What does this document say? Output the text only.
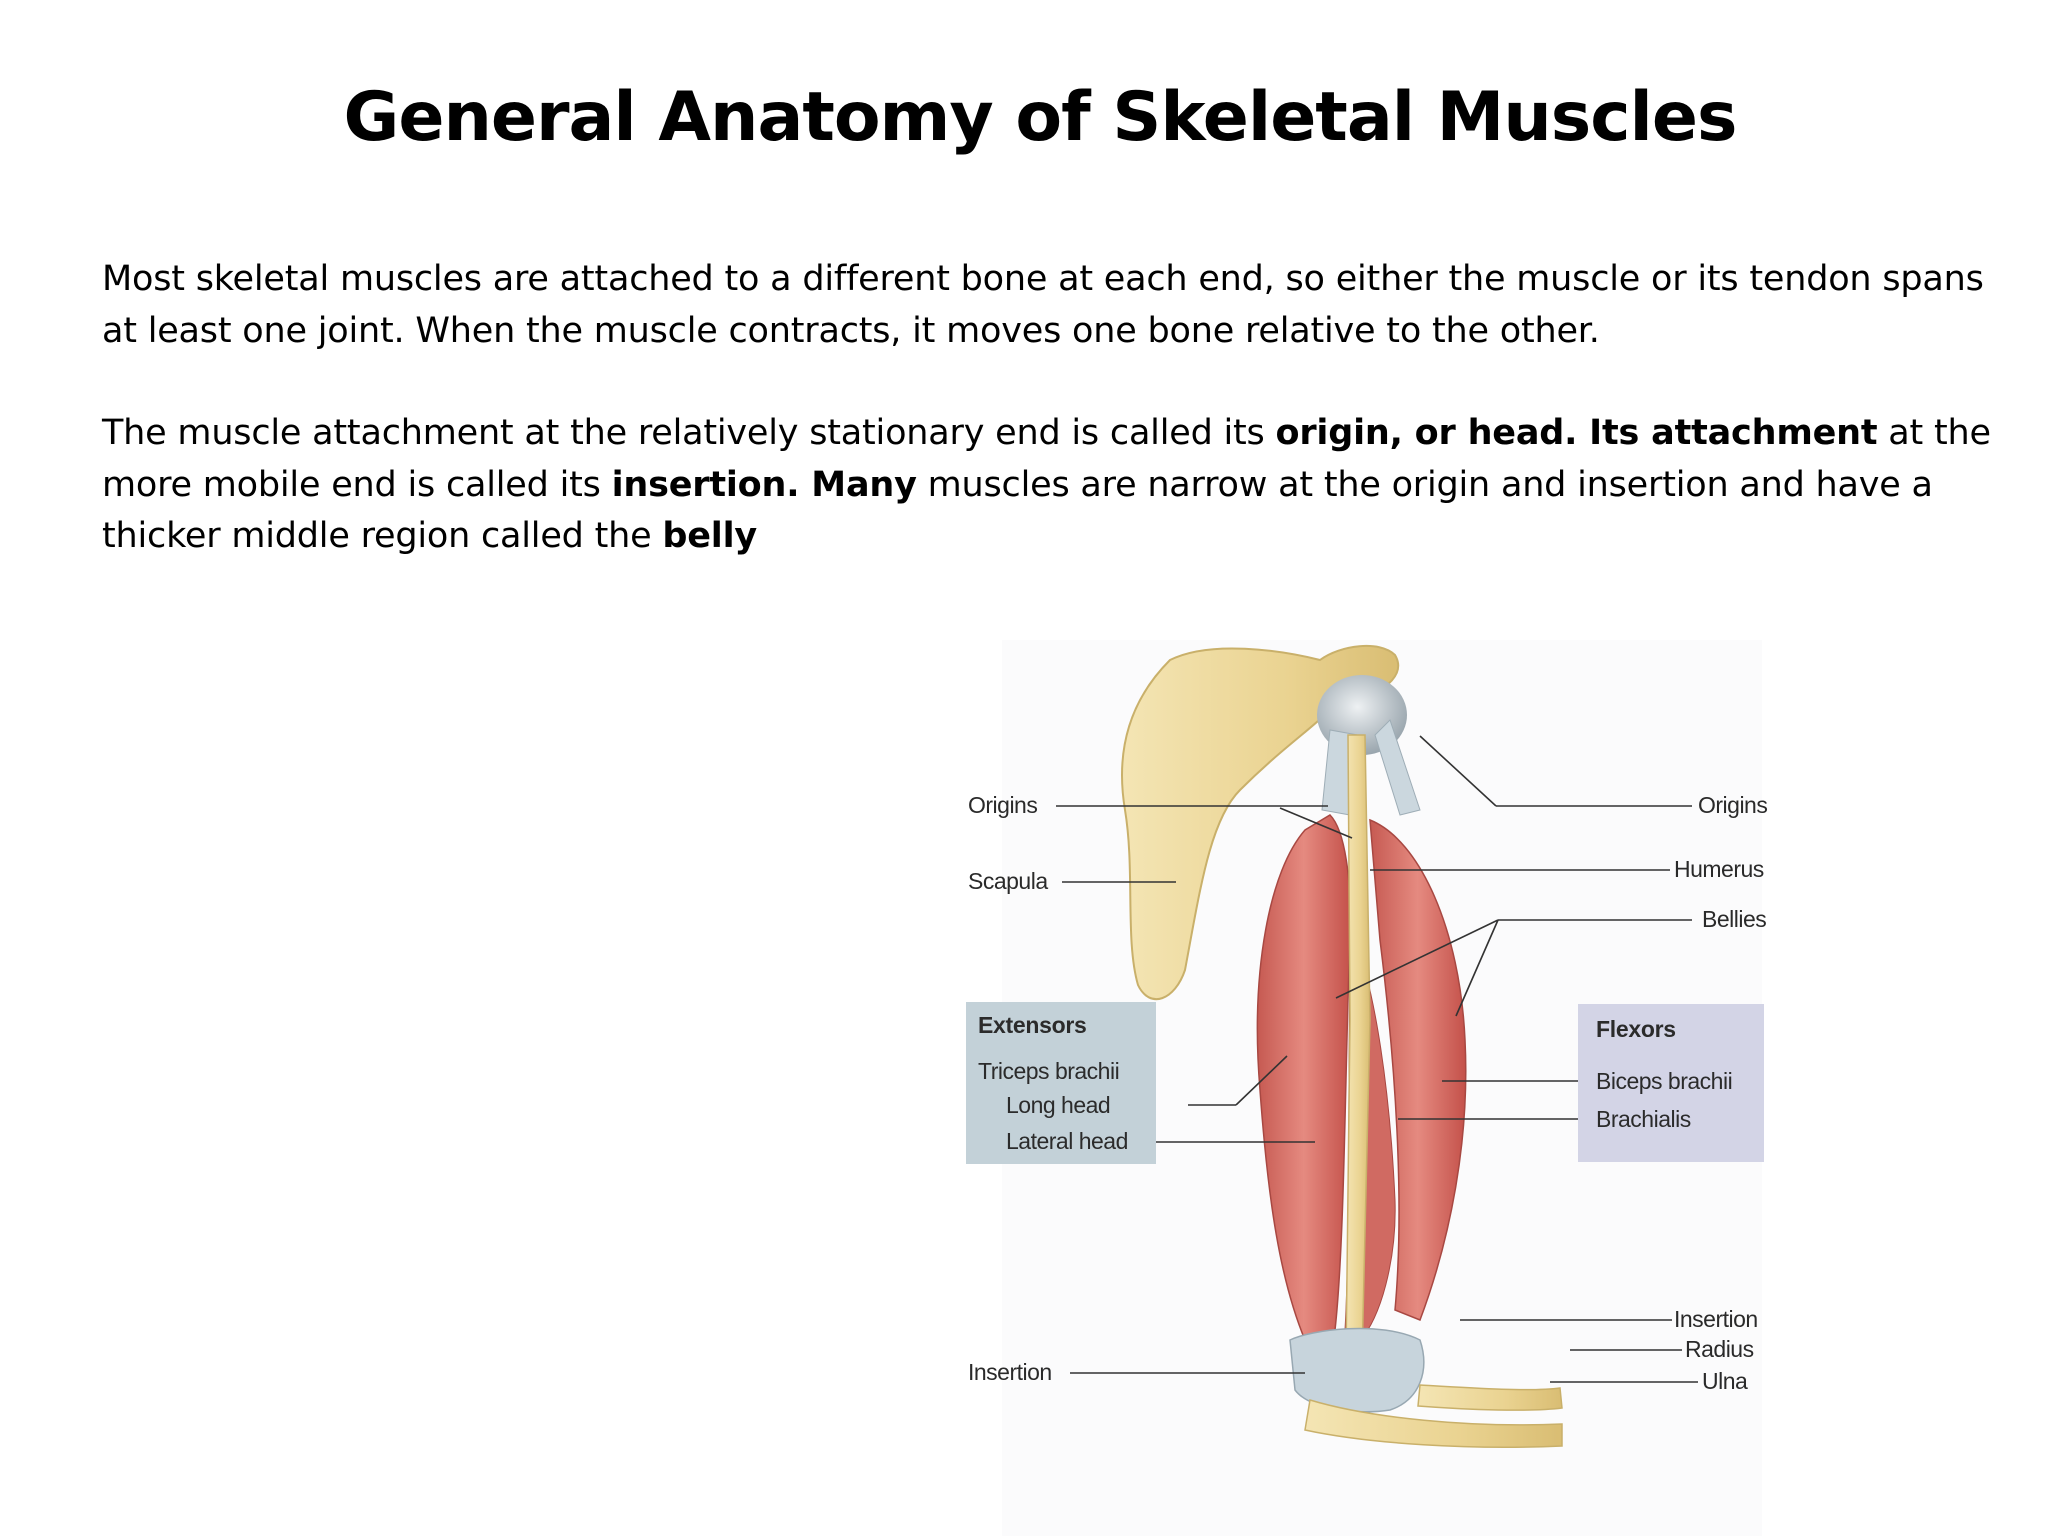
General Anatomy of Skeletal Muscles

Most skeletal muscles are attached to a different bone at each end, so either the muscle or its tendon spans at least one joint. When the muscle contracts, it moves one bone relative to the other.

The muscle attachment at the relatively stationary end is called its origin, or head. Its attachment at the more mobile end is called its insertion. Many muscles are narrow at the origin and insertion and have a thicker middle region called the belly

Origins
Scapula
Insertion
Origins
Humerus
Bellies
Insertion
Radius
Ulna
Extensors
Triceps brachii
Long head
Lateral head
Flexors
Biceps brachii
Brachialis
